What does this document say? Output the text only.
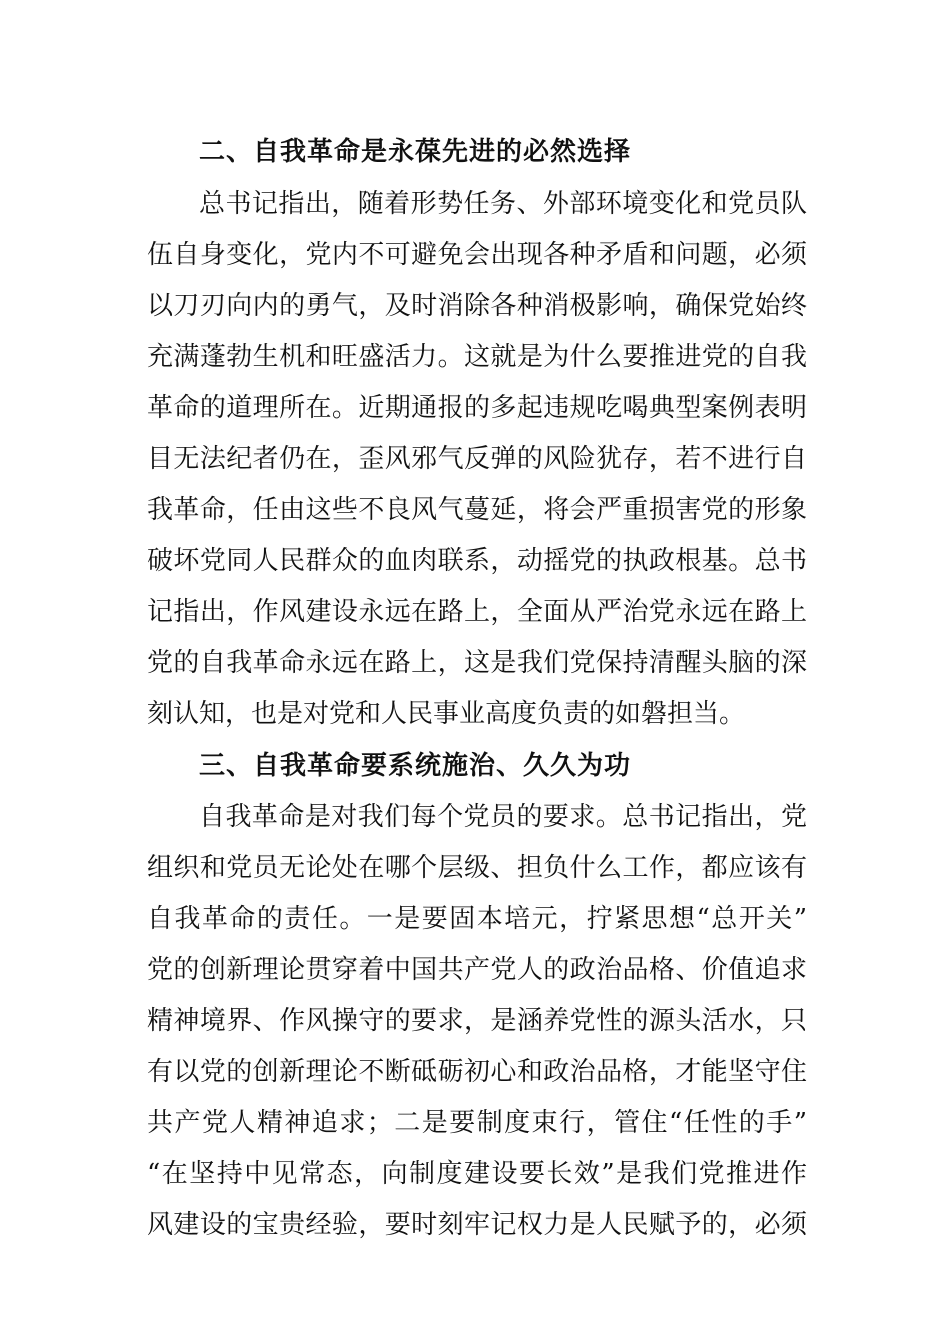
二、自我革命是永葆先进的必然选择
总书记指出，随着形势任务、外部环境变化和党员队
伍自身变化，党内不可避免会出现各种矛盾和问题，必须
以刀刃向内的勇气，及时消除各种消极影响，确保党始终
充满蓬勃生机和旺盛活力。这就是为什么要推进党的自我
革命的道理所在。近期通报的多起违规吃喝典型案例表明
目无法纪者仍在，歪风邪气反弹的风险犹存，若不进行自
我革命，任由这些不良风气蔓延，将会严重损害党的形象
破坏党同人民群众的血肉联系，动摇党的执政根基。总书
记指出，作风建设永远在路上，全面从严治党永远在路上
党的自我革命永远在路上，这是我们党保持清醒头脑的深
刻认知，也是对党和人民事业高度负责的如磐担当。
三、自我革命要系统施治、久久为功
自我革命是对我们每个党员的要求。总书记指出，党
组织和党员无论处在哪个层级、担负什么工作，都应该有
自我革命的责任。一是要固本培元，拧紧思想“总开关”
党的创新理论贯穿着中国共产党人的政治品格、价值追求
精神境界、作风操守的要求，是涵养党性的源头活水，只
有以党的创新理论不断砥砺初心和政治品格，才能坚守住
共产党人精神追求；二是要制度束行，管住“任性的手”
“在坚持中见常态，向制度建设要长效”是我们党推进作
风建设的宝贵经验，要时刻牢记权力是人民赋予的，必须
